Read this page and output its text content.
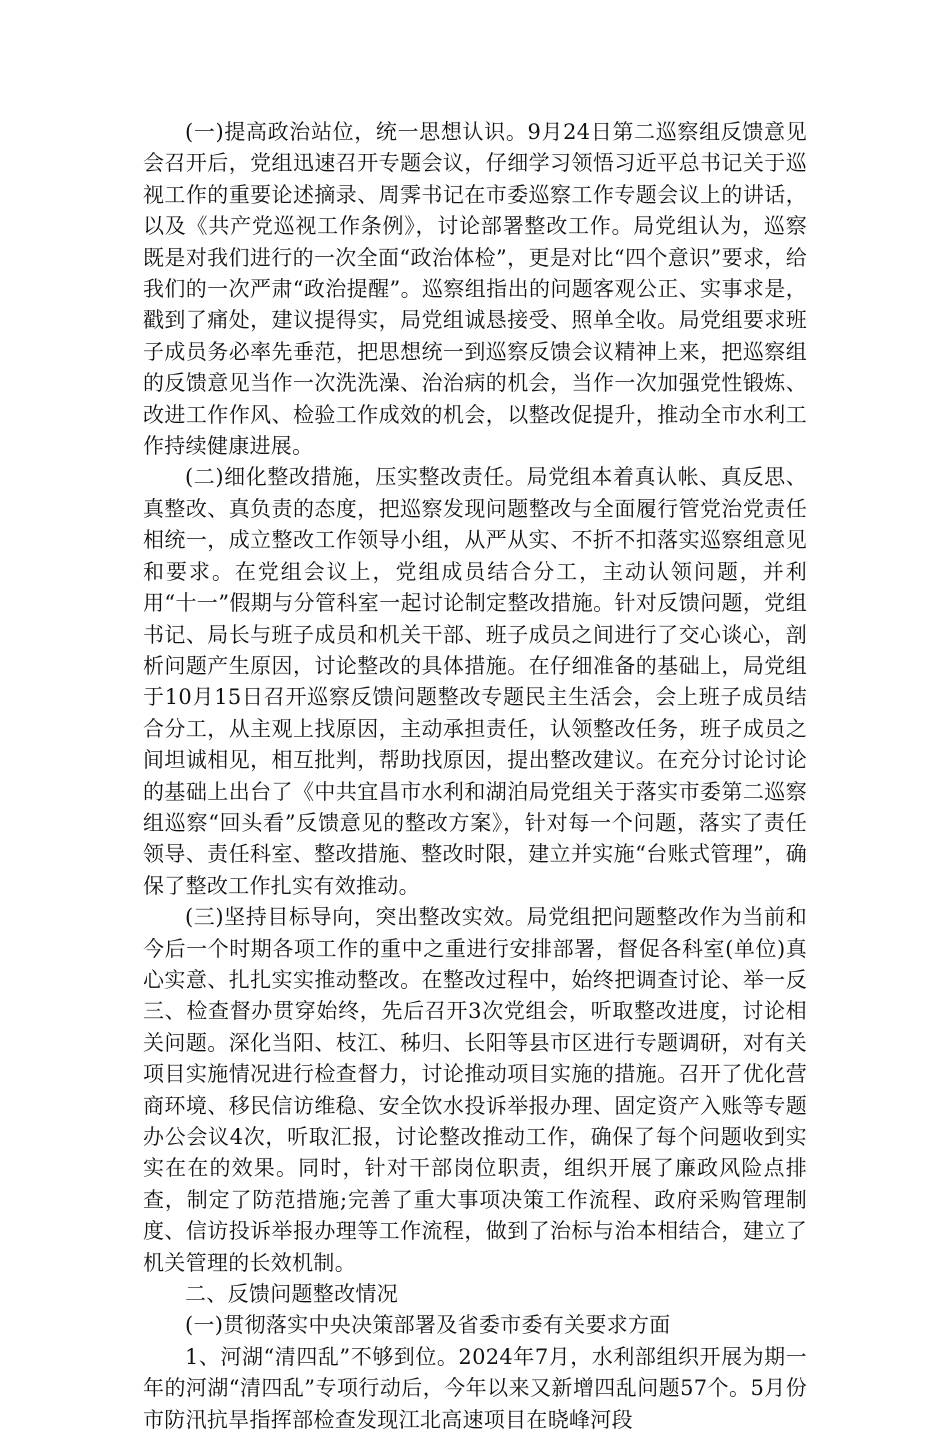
(一)提高政治站位，统一思想认识。9月24日第二巡察组反馈意见会召开后，党组迅速召开专题会议，仔细学习领悟习近平总书记关于巡视工作的重要论述摘录、周霁书记在市委巡察工作专题会议上的讲话，以及《共产党巡视工作条例》，讨论部署整改工作。局党组认为，巡察既是对我们进行的一次全面“政治体检”，更是对比“四个意识”要求，给我们的一次严肃“政治提醒”。巡察组指出的问题客观公正、实事求是，戳到了痛处，建议提得实，局党组诚恳接受、照单全收。局党组要求班子成员务必率先垂范，把思想统一到巡察反馈会议精神上来，把巡察组的反馈意见当作一次洗洗澡、治治病的机会，当作一次加强党性锻炼、改进工作作风、检验工作成效的机会，以整改促提升，推动全市水利工作持续健康进展。

(二)细化整改措施，压实整改责任。局党组本着真认帐、真反思、真整改、真负责的态度，把巡察发现问题整改与全面履行管党治党责任相统一，成立整改工作领导小组，从严从实、不折不扣落实巡察组意见和要求。在党组会议上，党组成员结合分工，主动认领问题，并利用“十一”假期与分管科室一起讨论制定整改措施。针对反馈问题，党组书记、局长与班子成员和机关干部、班子成员之间进行了交心谈心，剖析问题产生原因，讨论整改的具体措施。在仔细准备的基础上，局党组于10月15日召开巡察反馈问题整改专题民主生活会，会上班子成员结合分工，从主观上找原因，主动承担责任，认领整改任务，班子成员之间坦诚相见，相互批判，帮助找原因，提出整改建议。在充分讨论讨论的基础上出台了《中共宜昌市水利和湖泊局党组关于落实市委第二巡察组巡察“回头看”反馈意见的整改方案》，针对每一个问题，落实了责任领导、责任科室、整改措施、整改时限，建立并实施“台账式管理”，确保了整改工作扎实有效推动。

(三)坚持目标导向，突出整改实效。局党组把问题整改作为当前和今后一个时期各项工作的重中之重进行安排部署，督促各科室(单位)真心实意、扎扎实实推动整改。在整改过程中，始终把调查讨论、举一反三、检查督办贯穿始终，先后召开3次党组会，听取整改进度，讨论相关问题。深化当阳、枝江、秭归、长阳等县市区进行专题调研，对有关项目实施情况进行检查督力，讨论推动项目实施的措施。召开了优化营商环境、移民信访维稳、安全饮水投诉举报办理、固定资产入账等专题办公会议4次，听取汇报，讨论整改推动工作，确保了每个问题收到实实在在的效果。同时，针对干部岗位职责，组织开展了廉政风险点排查，制定了防范措施;完善了重大事项决策工作流程、政府采购管理制度、信访投诉举报办理等工作流程，做到了治标与治本相结合，建立了机关管理的长效机制。

二、反馈问题整改情况

(一)贯彻落实中央决策部署及省委市委有关要求方面

1、河湖“清四乱”不够到位。2024年7月，水利部组织开展为期一年的河湖“清四乱”专项行动后，今年以来又新增四乱问题57个。5月份市防汛抗旱指挥部检查发现江北高速项目在晓峰河段
